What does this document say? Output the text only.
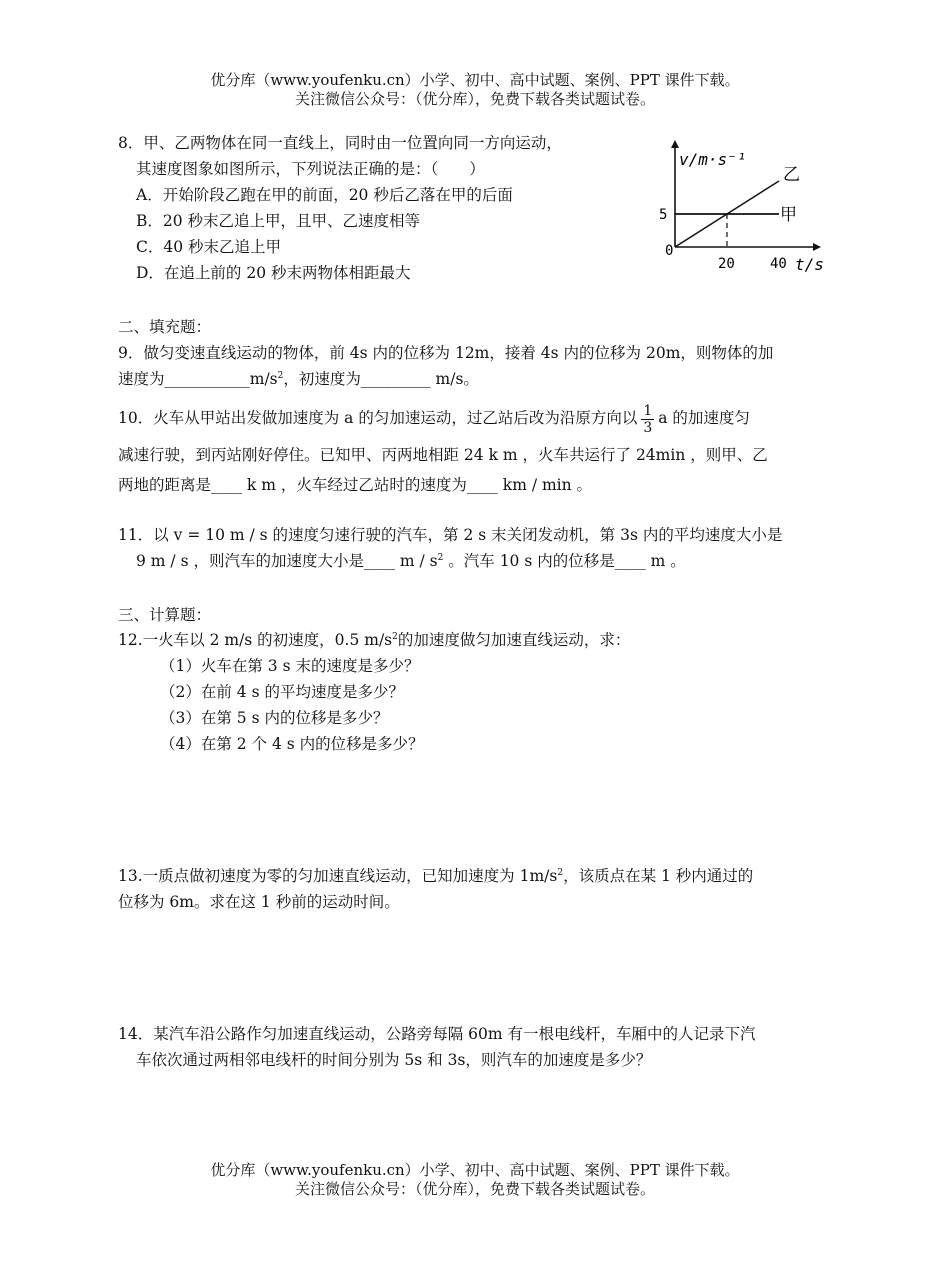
优分库（www.youfenku.cn）小学、初中、高中试题、案例、PPT 课件下载。
关注微信公众号：（优分库），免费下载各类试题试卷。
8．甲、乙两物体在同一直线上，同时由一位置向同一方向运动，
其速度图象如图所示，下列说法正确的是：（　　）
A．开始阶段乙跑在甲的前面，20 秒后乙落在甲的后面
B．20 秒末乙追上甲，且甲、乙速度相等
C．40 秒末乙追上甲
D．在追上前的 20 秒末两物体相距最大
v/m·s⁻¹
t/s
0
5
20	40
甲
乙
二、填充题：
9．做匀变速直线运动的物体，前 4s 内的位移为 12m，接着 4s 内的位移为 20m，则物体的加
速度为$\_\_\_\_\_\_\_\_\_\_\_m/s^2$，初速度为_________ m/s。
10．火车从甲站出发做加速度为 a 的匀加速运动，过乙站后改为沿原方向以 $\frac{1}{3}$ a 的加速度匀
减速行驶，到丙站刚好停住。已知甲、丙两地相距 24 k m ，火车共运行了 24min ，则甲、乙
两地的距离是____ k m ，火车经过乙站时的速度为____ km / min 。
11．以 v = 10 m / s 的速度匀速行驶的汽车，第 2 s 末关闭发动机，第 3s 内的平均速度大小是
9 m / s ，则汽车的加速度大小是____ m / $s^2$ 。汽车 10 s 内的位移是____ m 。
三、计算题：
12.一火车以 2 m/s 的初速度，0.5 $m/s^2$的加速度做匀加速直线运动，求：
（1）火车在第 3 s 末的速度是多少？
（2）在前 4 s 的平均速度是多少？
（3）在第 5 s 内的位移是多少？
（4）在第 2 个 4 s 内的位移是多少？
13.一质点做初速度为零的匀加速直线运动，已知加速度为 $1m/s^2$，该质点在某 1 秒内通过的
位移为 6m。求在这 1 秒前的运动时间。
14．某汽车沿公路作匀加速直线运动，公路旁每隔 60m 有一根电线杆，车厢中的人记录下汽
车依次通过两相邻电线杆的时间分别为 5s 和 3s，则汽车的加速度是多少？
优分库（www.youfenku.cn）小学、初中、高中试题、案例、PPT 课件下载。
关注微信公众号：（优分库），免费下载各类试题试卷。
